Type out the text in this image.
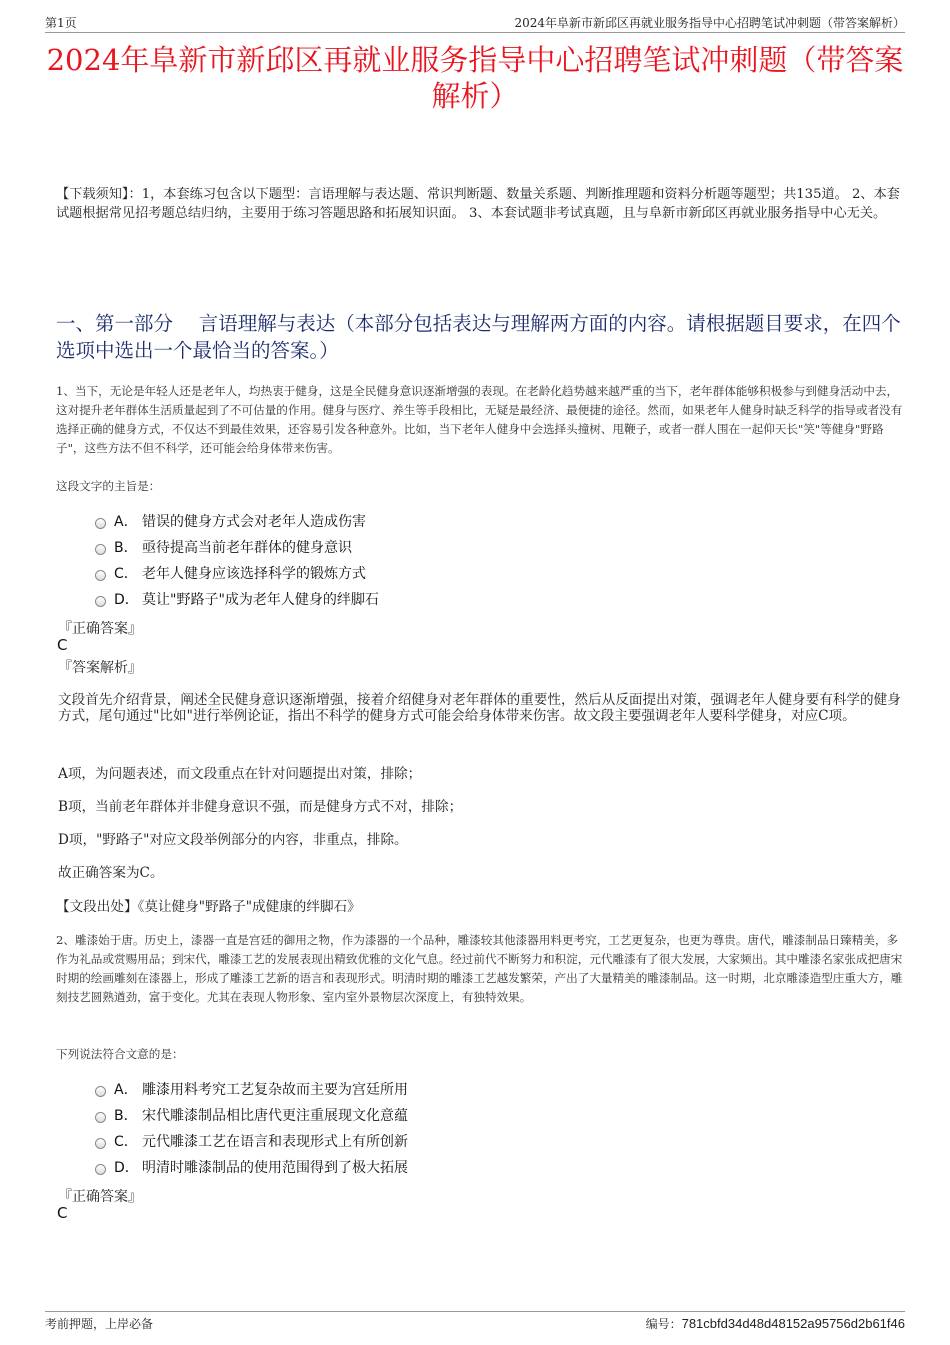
第1页	2024年阜新市新邱区再就业服务指导中心招聘笔试冲刺题（带答案解析）
2024年阜新市新邱区再就业服务指导中心招聘笔试冲刺题（带答案解析）
【下载须知】：1，本套练习包含以下题型：言语理解与表达题、常识判断题、数量关系题、判断推理题和资料分析题等题型；共135道。 2、本套试题根据常见招考题总结归纳，主要用于练习答题思路和拓展知识面。 3、本套试题非考试真题，且与阜新市新邱区再就业服务指导中心无关。
一、第一部分　 言语理解与表达（本部分包括表达与理解两方面的内容。请根据题目要求，在四个选项中选出一个最恰当的答案。）
1、当下，无论是年轻人还是老年人，均热衷于健身，这是全民健身意识逐渐增强的表现。在老龄化趋势越来越严重的当下，老年群体能够积极参与到健身活动中去，这对提升老年群体生活质量起到了不可估量的作用。健身与医疗、养生等手段相比，无疑是最经济、最便捷的途径。然而，如果老年人健身时缺乏科学的指导或者没有选择正确的健身方式，不仅达不到最佳效果，还容易引发各种意外。比如，当下老年人健身中会选择头撞树、甩鞭子，或者一群人围在一起仰天长"笑"等健身"野路子"，这些方法不但不科学，还可能会给身体带来伤害。
这段文字的主旨是：
A． 错误的健身方式会对老年人造成伤害
B． 亟待提高当前老年群体的健身意识
C． 老年人健身应该选择科学的锻炼方式
D． 莫让"野路子"成为老年人健身的绊脚石
『正确答案』
C
『答案解析』
文段首先介绍背景，阐述全民健身意识逐渐增强，接着介绍健身对老年群体的重要性，然后从反面提出对策，强调老年人健身要有科学的健身方式，尾句通过"比如"进行举例论证，指出不科学的健身方式可能会给身体带来伤害。故文段主要强调老年人要科学健身，对应C项。
A项，为问题表述，而文段重点在针对问题提出对策，排除；
B项，当前老年群体并非健身意识不强，而是健身方式不对，排除；
D项，"野路子"对应文段举例部分的内容，非重点，排除。
故正确答案为C。
【文段出处】《莫让健身"野路子"成健康的绊脚石》
2、雕漆始于唐。历史上，漆器一直是宫廷的御用之物，作为漆器的一个品种，雕漆较其他漆器用料更考究，工艺更复杂，也更为尊贵。唐代，雕漆制品日臻精美，多作为礼品或赏赐用品；到宋代，雕漆工艺的发展表现出精致优雅的文化气息。经过前代不断努力和积淀，元代雕漆有了很大发展，大家频出。其中雕漆名家张成把唐宋时期的绘画雕刻在漆器上，形成了雕漆工艺新的语言和表现形式。明清时期的雕漆工艺越发繁荣，产出了大量精美的雕漆制品。这一时期，北京雕漆造型庄重大方，雕刻技艺圆熟遒劲，富于变化。尤其在表现人物形象、室内室外景物层次深度上，有独特效果。
下列说法符合文意的是：
A． 雕漆用料考究工艺复杂故而主要为宫廷所用
B． 宋代雕漆制品相比唐代更注重展现文化意蕴
C． 元代雕漆工艺在语言和表现形式上有所创新
D． 明清时雕漆制品的使用范围得到了极大拓展
『正确答案』
C
考前押题，上岸必备	编号：781cbfd34d48d48152a95756d2b61f46
